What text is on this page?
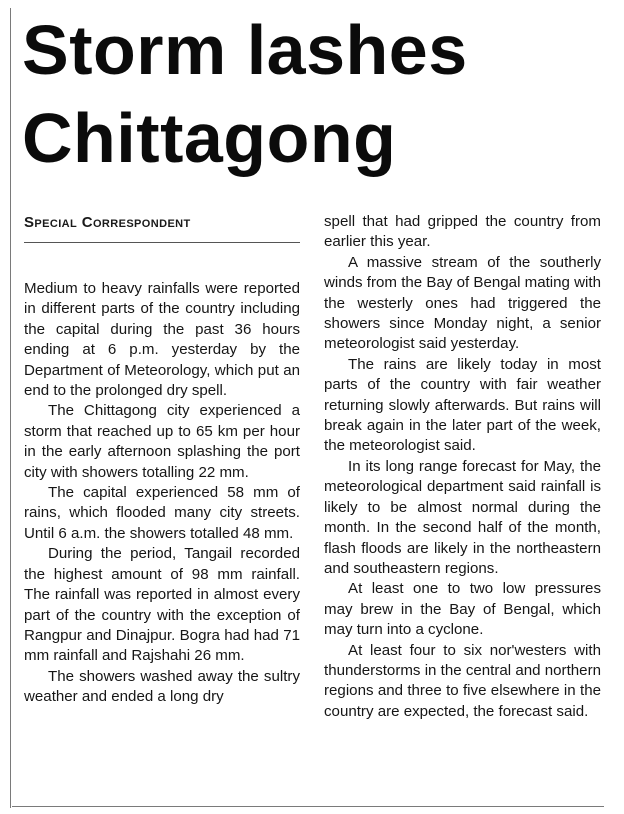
Storm lashes
Chittagong
Special Correspondent

Medium to heavy rainfalls were reported in different parts of the country including the capital during the past 36 hours ending at 6 p.m. yesterday by the Department of Meteorology, which put an end to the prolonged dry spell.

The Chittagong city experienced a storm that reached up to 65 km per hour in the early afternoon splashing the port city with showers totalling 22 mm.

The capital experienced 58 mm of rains, which flooded many city streets. Until 6 a.m. the showers totalled 48 mm.

During the period, Tangail recorded the highest amount of 98 mm rainfall. The rainfall was reported in almost every part of the country with the exception of Rangpur and Dinajpur. Bogra had had 71 mm rainfall and Rajshahi 26 mm.

The showers washed away the sultry weather and ended a long dry

spell that had gripped the country from earlier this year.

A massive stream of the southerly winds from the Bay of Bengal mating with the westerly ones had triggered the showers since Monday night, a senior meteorologist said yesterday.

The rains are likely today in most parts of the country with fair weather returning slowly afterwards. But rains will break again in the later part of the week, the meteorologist said.

In its long range forecast for May, the meteorological department said rainfall is likely to be almost normal during the month. In the second half of the month, flash floods are likely in the northeastern and southeastern regions.

At least one to two low pressures may brew in the Bay of Bengal, which may turn into a cyclone.

At least four to six nor'westers with thunderstorms in the central and northern regions and three to five elsewhere in the country are expected, the forecast said.
